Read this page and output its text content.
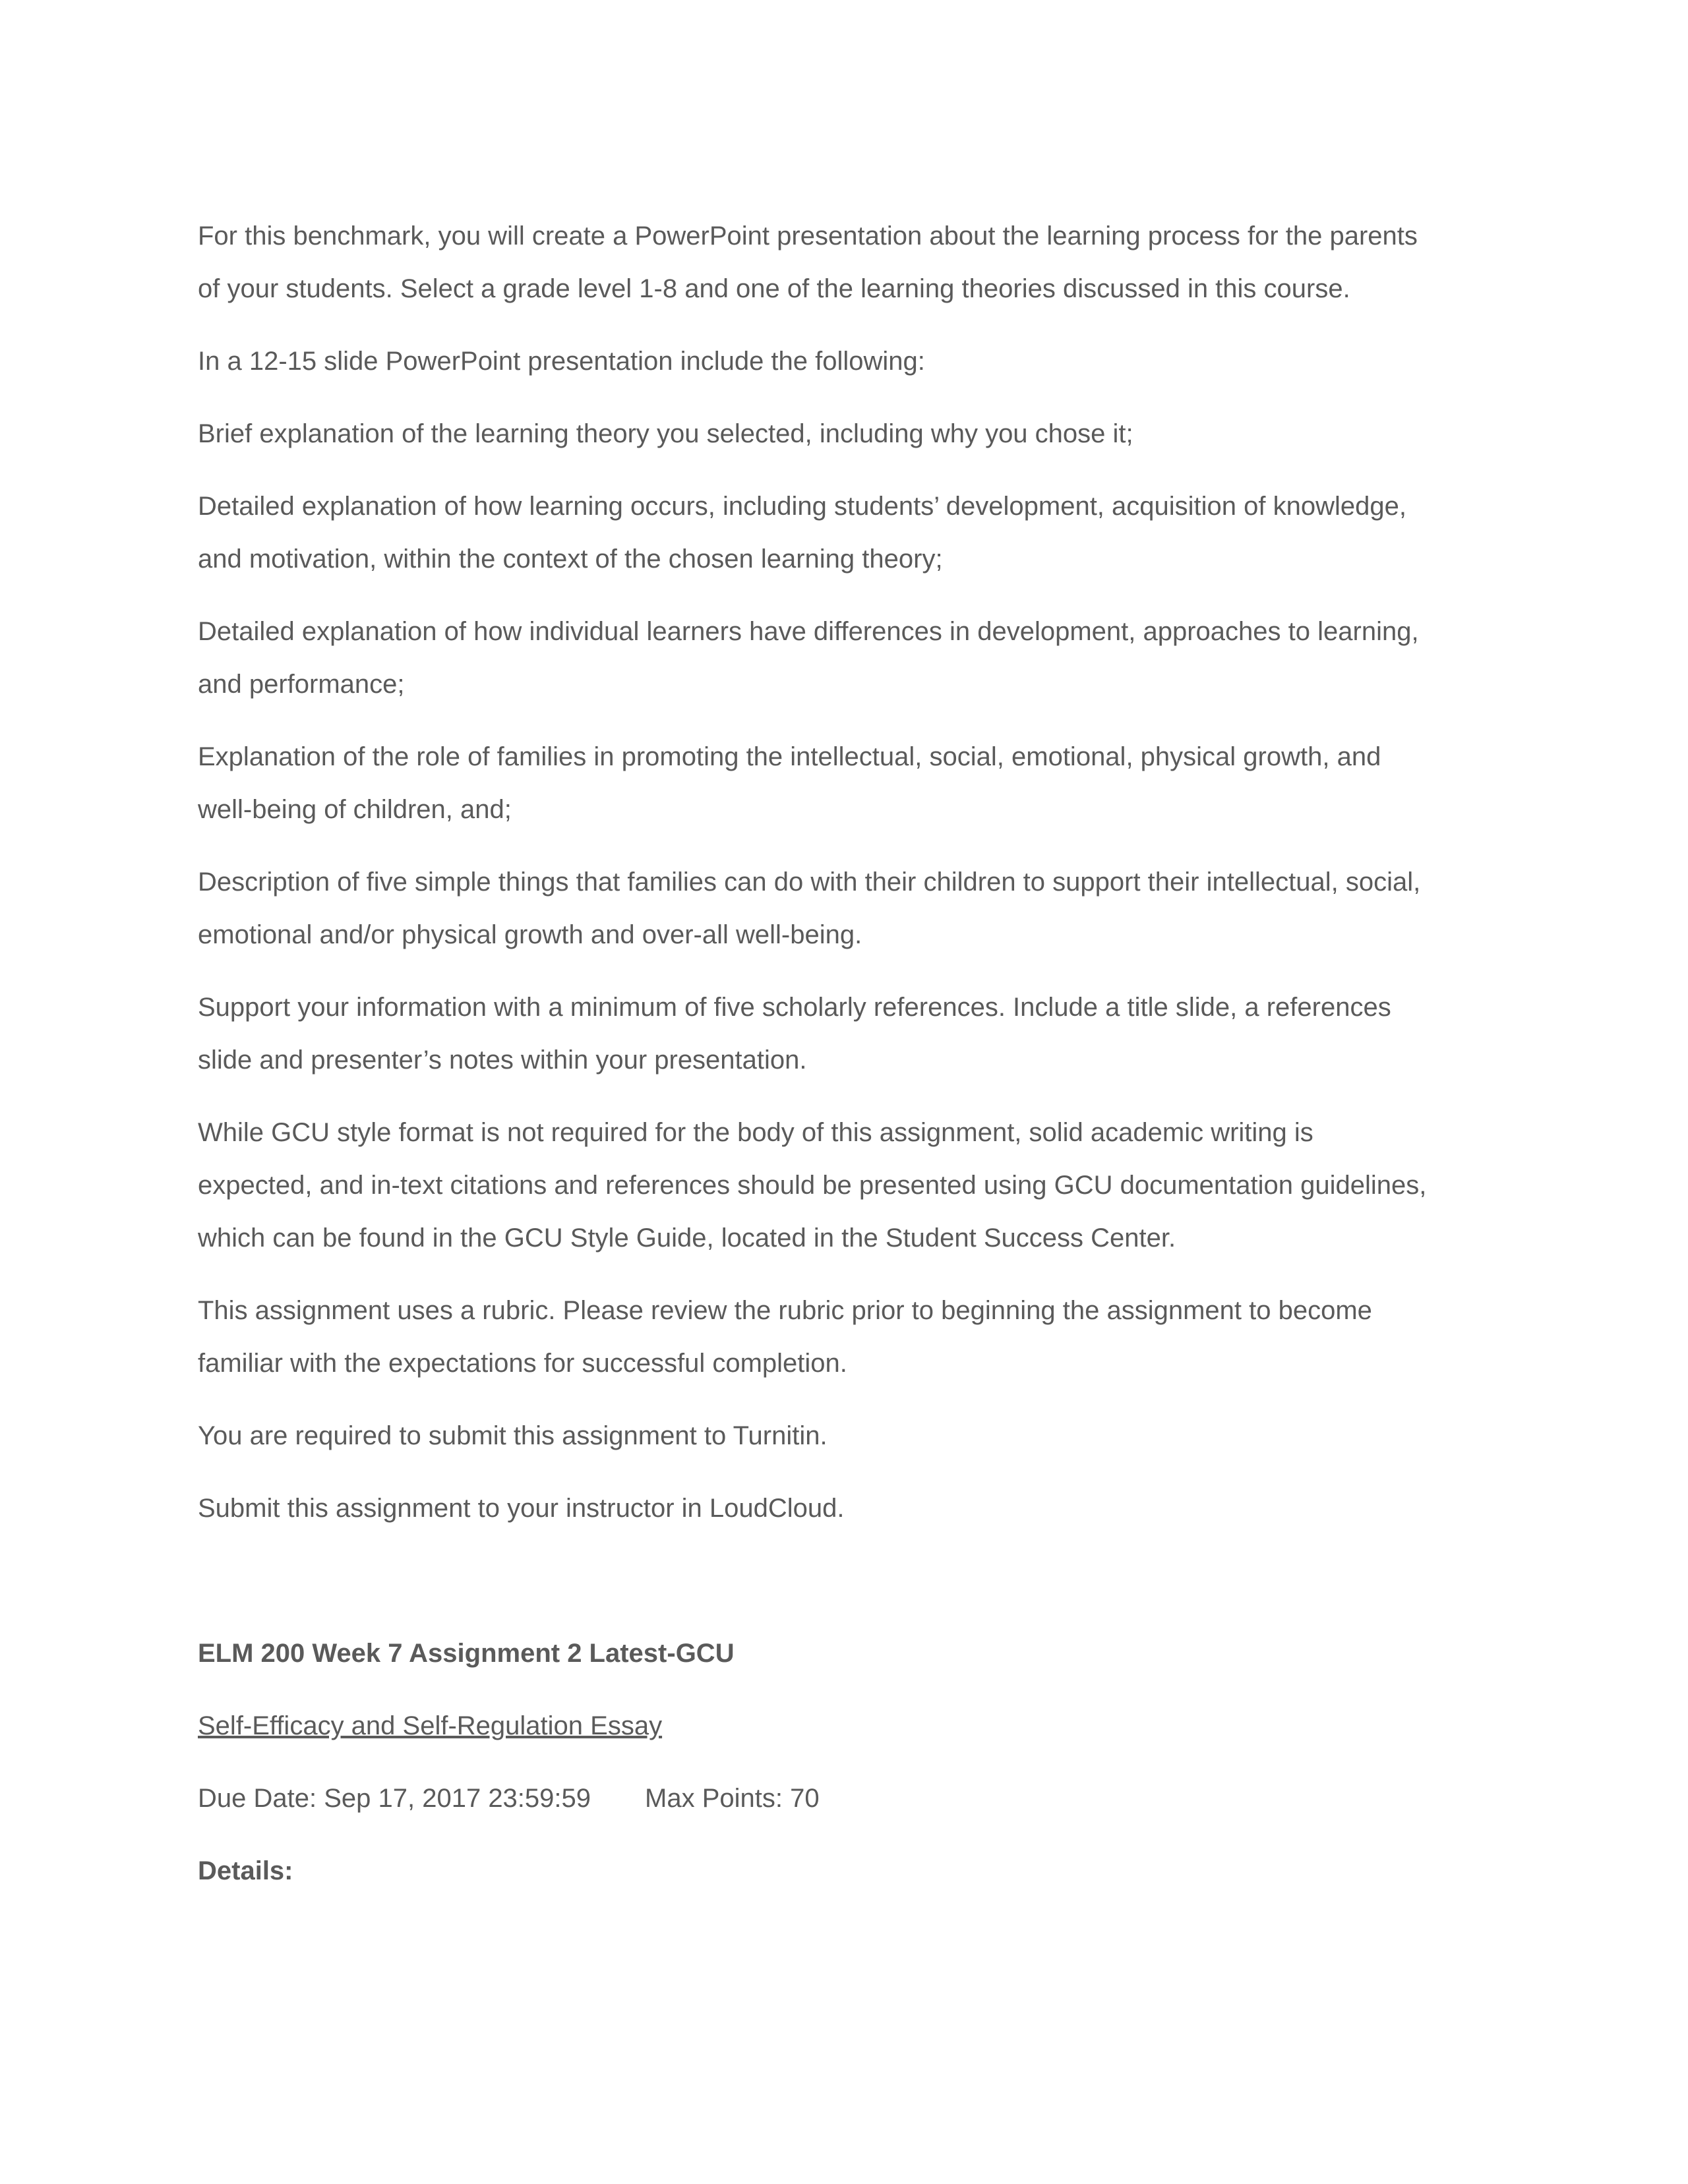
For this benchmark, you will create a PowerPoint presentation about the learning process for the parents
of your students. Select a grade level 1-8 and one of the learning theories discussed in this course.

In a 12-15 slide PowerPoint presentation include the following:

Brief explanation of the learning theory you selected, including why you chose it;

Detailed explanation of how learning occurs, including students’ development, acquisition of knowledge,
and motivation, within the context of the chosen learning theory;

Detailed explanation of how individual learners have differences in development, approaches to learning,
and performance;

Explanation of the role of families in promoting the intellectual, social, emotional, physical growth, and
well-being of children, and;

Description of five simple things that families can do with their children to support their intellectual, social,
emotional and/or physical growth and over-all well-being.

Support your information with a minimum of five scholarly references. Include a title slide, a references
slide and presenter’s notes within your presentation.

While GCU style format is not required for the body of this assignment, solid academic writing is
expected, and in-text citations and references should be presented using GCU documentation guidelines,
which can be found in the GCU Style Guide, located in the Student Success Center.

This assignment uses a rubric. Please review the rubric prior to beginning the assignment to become
familiar with the expectations for successful completion.

You are required to submit this assignment to Turnitin.

Submit this assignment to your instructor in LoudCloud.

ELM 200 Week 7 Assignment 2 Latest-GCU

Self-Efficacy and Self-Regulation Essay

Due Date: Sep 17, 2017 23:59:59 Max Points: 70

Details:
